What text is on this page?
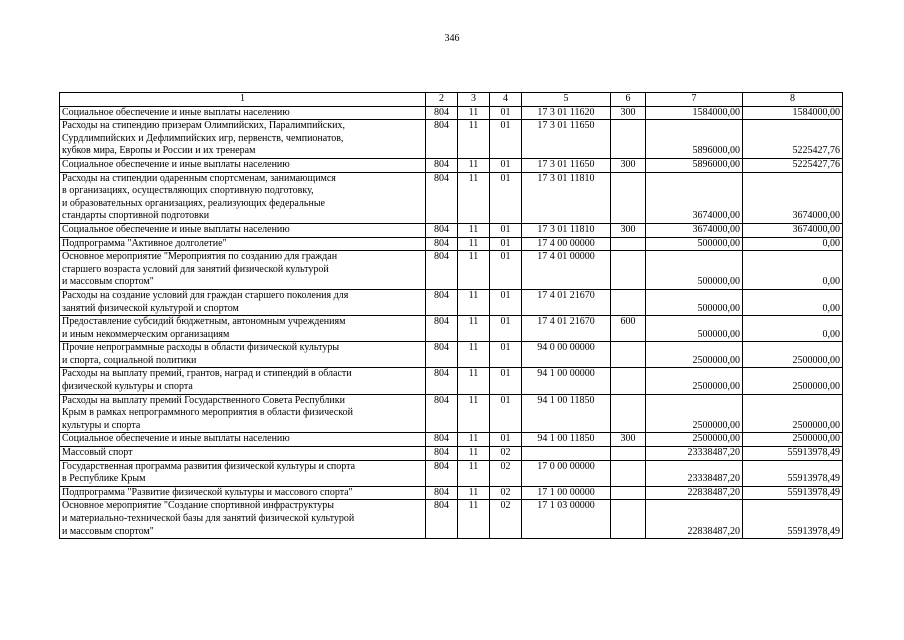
346
1	2	3	4	5	6	7	8
Социальное обеспечение и иные выплаты населению	804	11	01	17 3 01 11620	300	1584000,00	1584000,00
Расходы на стипендию призерам Олимпийских, Паралимпийских,
Сурдлимпийских и Дефлимпийских игр, первенств, чемпионатов,
кубков мира, Европы и России и их тренерам	804	11	01	17 3 01 11650		5896000,00	5225427,76
Социальное обеспечение и иные выплаты населению	804	11	01	17 3 01 11650	300	5896000,00	5225427,76
Расходы на стипендии одаренным спортсменам, занимающимся
в организациях, осуществляющих спортивную подготовку,
и образовательных организациях, реализующих федеральные
стандарты спортивной подготовки	804	11	01	17 3 01 11810		3674000,00	3674000,00
Социальное обеспечение и иные выплаты населению	804	11	01	17 3 01 11810	300	3674000,00	3674000,00
Подпрограмма "Активное долголетие"	804	11	01	17 4 00 00000		500000,00	0,00
Основное мероприятие "Мероприятия по созданию для граждан
старшего возраста условий для занятий физической культурой
и массовым спортом"	804	11	01	17 4 01 00000		500000,00	0,00
Расходы на создание условий для граждан старшего поколения для
занятий физической культурой и спортом	804	11	01	17 4 01 21670		500000,00	0,00
Предоставление субсидий бюджетным, автономным учреждениям
и иным некоммерческим организациям	804	11	01	17 4 01 21670	600	500000,00	0,00
Прочие непрограммные расходы в области физической культуры
и спорта, социальной политики	804	11	01	94 0 00 00000		2500000,00	2500000,00
Расходы на выплату премий, грантов, наград и стипендий в области
физической культуры и спорта	804	11	01	94 1 00 00000		2500000,00	2500000,00
Расходы на выплату премий Государственного Совета Республики
Крым в рамках непрограммного мероприятия в области физической
культуры и спорта	804	11	01	94 1 00 11850		2500000,00	2500000,00
Социальное обеспечение и иные выплаты населению	804	11	01	94 1 00 11850	300	2500000,00	2500000,00
Массовый спорт	804	11	02			23338487,20	55913978,49
Государственная программа развития физической культуры и спорта
в Республике Крым	804	11	02	17 0 00 00000		23338487,20	55913978,49
Подпрограмма "Развитие физической культуры и массового спорта"	804	11	02	17 1 00 00000		22838487,20	55913978,49
Основное мероприятие "Создание спортивной инфраструктуры
и материально-технической базы для занятий физической культурой
и массовым спортом"	804	11	02	17 1 03 00000		22838487,20	55913978,49
